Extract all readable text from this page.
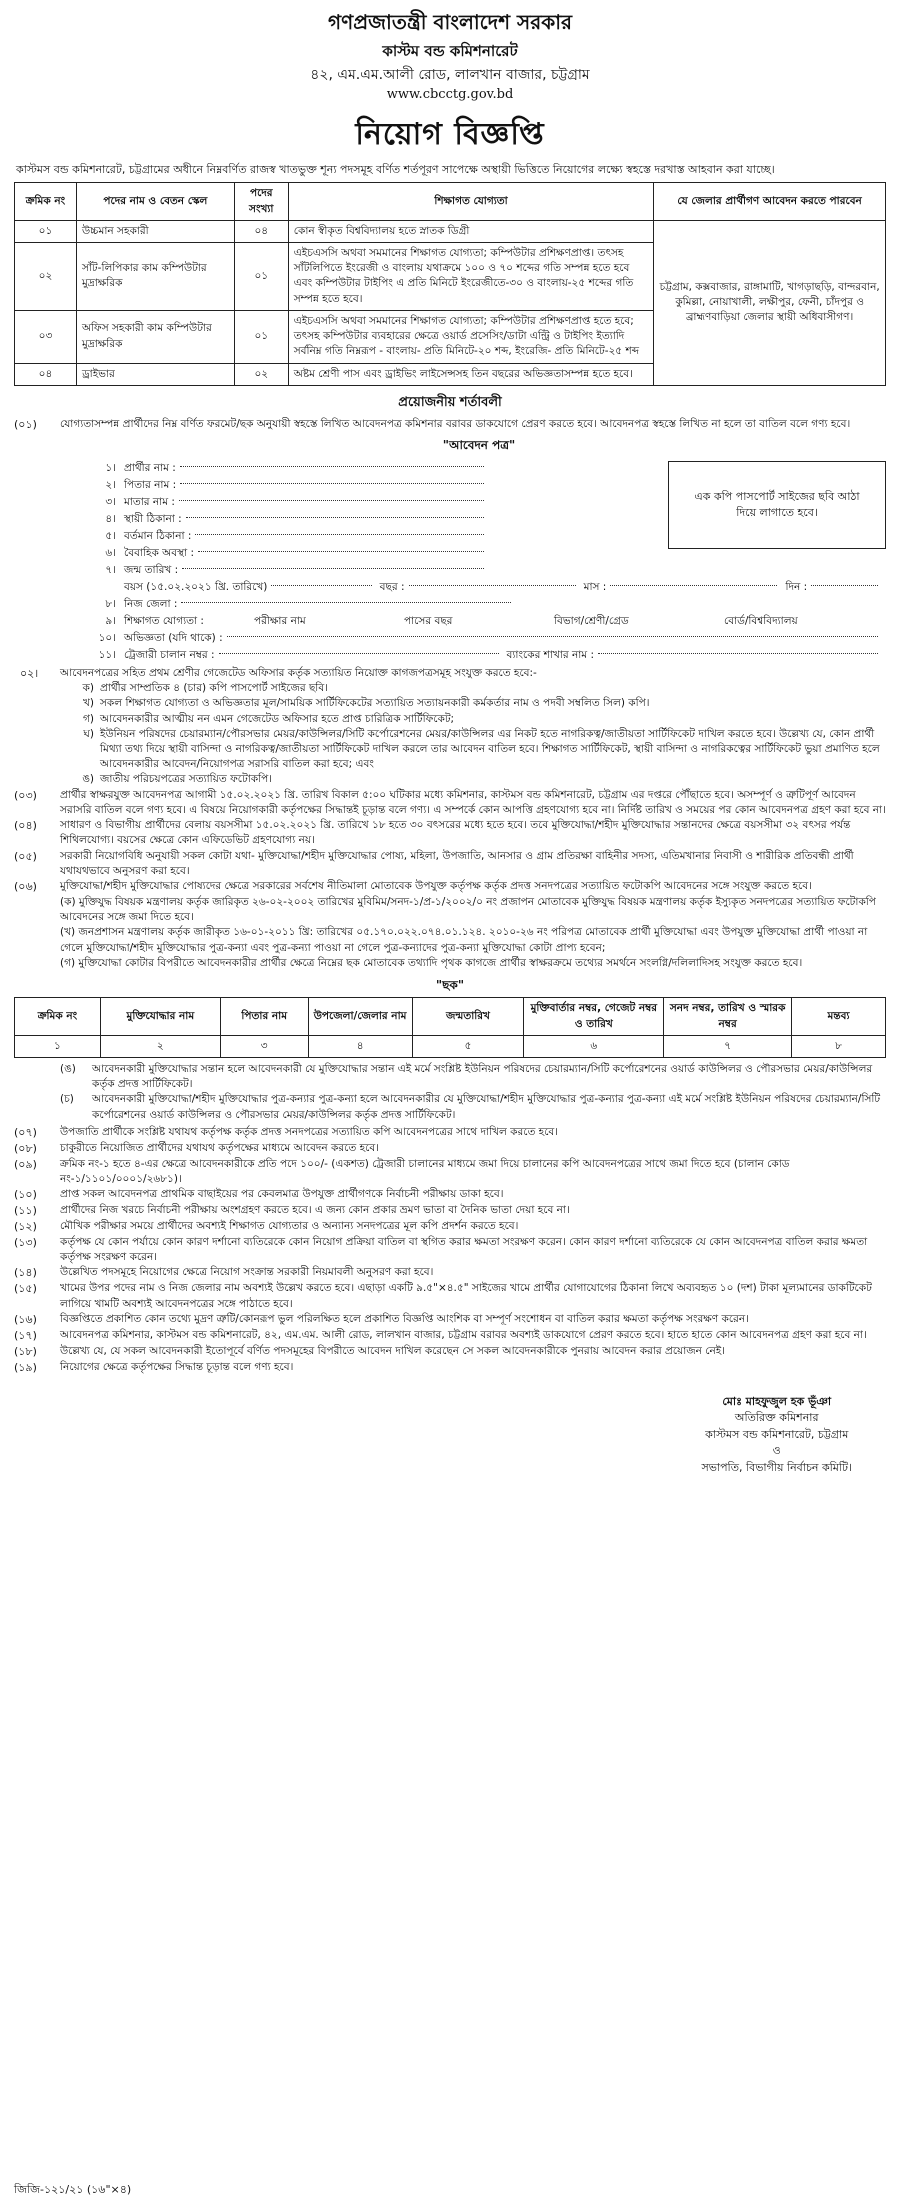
গণপ্রজাতন্ত্রী বাংলাদেশ সরকার
কাস্টম বন্ড কমিশনারেট
৪২, এম.এম.আলী রোড, লালখান বাজার, চট্টগ্রাম
www.cbcctg.gov.bd
নিয়োগ বিজ্ঞপ্তি
কাস্টমস বন্ড কমিশনারেট, চট্টগ্রামের অধীনে নিম্নবর্ণিত রাজস্ব খাতভুক্ত শূন্য পদসমূহ বর্ণিত শর্তপূরণ সাপেক্ষে অস্থায়ী ভিত্তিতে নিয়োগের লক্ষ্যে স্বহস্তে দরখাস্ত আহবান করা যাচ্ছে।
ক্রমিক নং	পদের নাম ও বেতন স্কেল	পদের সংখ্যা	শিক্ষাগত যোগ্যতা	যে জেলার প্রার্থীগণ আবেদন করতে পারবেন
০১	উচ্চমান সহকারী	০৪	কোন স্বীকৃত বিশ্ববিদ্যালয় হতে স্নাতক ডিগ্রী	চট্টগ্রাম, কক্সবাজার, রাঙ্গামাটি, খাগড়াছড়ি, বান্দরবান, কুমিল্লা, নোয়াখালী, লক্ষীপুর, ফেনী, চাঁদপুর ও ব্রাহ্মণবাড়িয়া জেলার স্থায়ী অধিবাসীগণ।
০২	সাঁট-লিপিকার কাম কম্পিউটার মুদ্রাক্ষরিক	০১	এইচএসসি অথবা সমমানের শিক্ষাগত যোগ্যতা; কম্পিউটার প্রশিক্ষণপ্রাপ্ত। তৎসহ সাঁটলিপিতে ইংরেজী ও বাংলায় যথাক্রমে ১০০ ও ৭০ শব্দের গতি সম্পন্ন হতে হবে এবং কম্পিউটার টাইপিং এ প্রতি মিনিটে ইংরেজীতে-৩০ ও বাংলায়-২৫ শব্দের গতি সম্পন্ন হতে হবে।	
০৩	অফিস সহকারী কাম কম্পিউটার মুদ্রাক্ষরিক	০১	এইচএসসি অথবা সমমানের শিক্ষাগত যোগ্যতা; কম্পিউটার প্রশিক্ষণপ্রাপ্ত হতে হবে; তৎসহ কম্পিউটার ব্যবহারের ক্ষেত্রে ওয়ার্ড প্রসেসিং/ডাটা এন্ট্রি ও টাইপিং ইত্যাদি সর্বনিম্ন গতি নিম্নরূপ - বাংলায়- প্রতি মিনিটে-২০ শব্দ, ইংরেজি- প্রতি মিনিটে-২৫ শব্দ	
০৪	ড্রাইভার	০২	অষ্টম শ্রেণী পাস এবং ড্রাইভিং লাইসেন্সসহ তিন বছরের অভিজ্ঞতাসম্পন্ন হতে হবে।	
প্রয়োজনীয় শর্তাবলী
(০১)	যোগ্যতাসম্পন্ন প্রার্থীদের নিম্ন বর্ণিত ফরমেট/ছক অনুযায়ী স্বহস্তে লিখিত আবেদনপত্র কমিশনার বরাবর ডাকযোগে প্রেরণ করতে হবে। আবেদনপত্র স্বহস্তে লিখিত না হলে তা বাতিল বলে গণ্য হবে।
"আবেদন পত্র"
এক কপি পাসপোর্ট সাইজের ছবি আঠা দিয়ে লাগাতে হবে।
১। প্রার্থীর নাম :
২। পিতার নাম :
৩। মাতার নাম :
৪। স্থায়ী ঠিকানা :
৫। বর্তমান ঠিকানা :
৬। বৈবাহিক অবস্থা :
৭। জন্ম তারিখ :
বয়স (১৫.০২.২০২১ খ্রি. তারিখে)	বছর :	মাস :	দিন :
৮। নিজ জেলা :
৯। শিক্ষাগত যোগ্যতা :	পরীক্ষার নাম	পাসের বছর	বিভাগ/শ্রেণী/গ্রেড	বোর্ড/বিশ্ববিদ্যালয়
১০। অভিজ্ঞতা (যদি থাকে) :
১১। ট্রেজারী চালান নম্বর :	ব্যাংকের শাখার নাম :
০২।	আবেদনপত্রের সহিত প্রথম শ্রেণীর গেজেটেড অফিসার কর্তৃক সত্যায়িত নিয়োক্ত কাগজপত্রসমূহ সংযুক্ত করতে হবে:-
ক) প্রার্থীর সাম্প্রতিক ৪ (চার) কপি পাসপোর্ট সাইজের ছবি।
খ) সকল শিক্ষাগত যোগ্যতা ও অভিজ্ঞতার মূল/সাময়িক সার্টিফিকেটের সত্যায়িত সত্যায়নকারী কর্মকর্তার নাম ও পদবী সম্বলিত সিল) কপি।
গ) আবেদনকারীর আত্মীয় নন এমন গেজেটেড অফিসার হতে প্রাপ্ত চারিত্রিক সার্টিফিকেট;
ঘ) ইউনিয়ন পরিষদের চেয়ারম্যান/পৌরসভার মেয়র/কাউন্সিলর/সিটি কর্পোরেশনের মেয়র/কাউন্সিলর এর নিকট হতে নাগরিকত্ব/জাতীয়তা সার্টিফিকেট দাখিল করতে হবে। উল্লেখ্য যে, কোন প্রার্থী মিথ্যা তথ্য দিয়ে স্থায়ী বাসিন্দা ও নাগরিকত্ব/জাতীয়তা সার্টিফিকেট দাখিল করলে তার আবেদন বাতিল হবে। শিক্ষাগত সার্টিফিকেট, স্থায়ী বাসিন্দা ও নাগরিকত্বের সার্টিফিকেট ভুয়া প্রমাণিত হলে আবেদনকারীর আবেদন/নিয়োগপত্র সরাসরি বাতিল করা হবে; এবং
ঙ) জাতীয় পরিচয়পত্রের সত্যায়িত ফটোকপি।
(০৩)	প্রার্থীর স্বাক্ষরযুক্ত আবেদনপত্র আগামী ১৫.০২.২০২১ খ্রি. তারিখ বিকাল ৫:০০ ঘটিকার মধ্যে কমিশনার, কাস্টমস বন্ড কমিশনারেট, চট্টগ্রাম এর দপ্তরে পৌঁছাতে হবে। অসম্পূর্ণ ও ত্রুটিপূর্ণ আবেদন সরাসরি বাতিল বলে গণ্য হবে। এ বিষয়ে নিয়োগকারী কর্তৃপক্ষের সিদ্ধান্তই চূড়ান্ত বলে গণ্য। এ সম্পর্কে কোন আপত্তি গ্রহণযোগ্য হবে না। নির্দিষ্ট তারিখ ও সময়ের পর কোন আবেদনপত্র গ্রহণ করা হবে না।
(০৪)	সাধারণ ও বিভাগীয় প্রার্থীদের বেলায় বয়সসীমা ১৫.০২.২০২১ খ্রি. তারিখে ১৮ হতে ৩০ বৎসরের মধ্যে হতে হবে। তবে মুক্তিযোদ্ধা/শহীদ মুক্তিযোদ্ধার সন্তানদের ক্ষেত্রে বয়সসীমা ৩২ বৎসর পর্যন্ত শিথিলযোগ্য। বয়সের ক্ষেত্রে কোন এফিডেভিট গ্রহণযোগ্য নয়।
(০৫)	সরকারী নিয়োগবিধি অনুযায়ী সকল কোটা যথা- মুক্তিযোদ্ধা/শহীদ মুক্তিযোদ্ধার পোষ্য, মহিলা, উপজাতি, আনসার ও গ্রাম প্রতিরক্ষা বাহিনীর সদস্য, এতিমখানার নিবাসী ও শারীরিক প্রতিবন্ধী প্রার্থী যথাযথভাবে অনুসরণ করা হবে।
(০৬)	মুক্তিযোদ্ধা/শহীদ মুক্তিযোদ্ধার পোষ্যদের ক্ষেত্রে সরকারের সর্বশেষ নীতিমালা মোতাবেক উপযুক্ত কর্তৃপক্ষ কর্তৃক প্রদত্ত সনদপত্রের সত্যায়িত ফটোকপি আবেদনের সঙ্গে সংযুক্ত করতে হবে।
(ক) মুক্তিযুদ্ধ বিষয়ক মন্ত্রণালয় কর্তৃক জারিকৃত ২৬-০২-২০০২ তারিখের মুবিমিম/সনদ-১/প্র-১/২০০২/০ নং প্রজাপন মোতাবেক মুক্তিযুদ্ধ বিষয়ক মন্ত্রণালয় কর্তৃক ইস্যুকৃত সনদপত্রের সত্যায়িত ফটোকপি আবেদনের সঙ্গে জমা দিতে হবে।
(খ) জনপ্রশাসন মন্ত্রণালয় কর্তৃক জারীকৃত ১৬-০১-২০১১ খ্রি: তারিখের ০৫.১৭০.০২২.০৭৪.০১.১২৪. ২০১০-২৬ নং পরিপত্র মোতাবেক প্রার্থী মুক্তিযোদ্ধা এবং উপযুক্ত মুক্তিযোদ্ধা প্রার্থী পাওয়া না গেলে মুক্তিযোদ্ধা/শহীদ মুক্তিযোদ্ধার পুত্র-কন্যা এবং পুত্র-কন্যা পাওয়া না গেলে পুত্র-কন্যাদের পুত্র-কন্যা মুক্তিযোদ্ধা কোটা প্রাপ্য হবেন;
(গ) মুক্তিযোদ্ধা কোটার বিপরীতে আবেদনকারীর প্রার্থীর ক্ষেত্রে নিম্নের ছক মোতাবেক তথ্যাদি পৃথক কাগজে প্রার্থীর স্বাক্ষরক্রমে তথ্যের সমর্থনে সংলগ্নি/দলিলাদিসহ সংযুক্ত করতে হবে।
"ছক"
ক্রমিক নং	মুক্তিযোদ্ধার নাম	পিতার নাম	উপজেলা/জেলার নাম	জন্মতারিখ	মুক্তিবার্তার নম্বর, গেজেট নম্বর ও তারিখ	সনদ নম্বর, তারিখ ও স্মারক নম্বর	মন্তব্য
১	২	৩	৪	৫	৬	৭	৮
(ঙ)	আবেদনকারী মুক্তিযোদ্ধার সন্তান হলে আবেদনকারী যে মুক্তিযোদ্ধার সন্তান এই মর্মে সংশ্লিষ্ট ইউনিয়ন পরিষদের চেয়ারম্যান/সিটি কর্পোরেশনের ওয়ার্ড কাউন্সিলর ও পৌরসভার মেয়র/কাউন্সিলর কর্তৃক প্রদত্ত সার্টিফিকেট।
(চ)	আবেদনকারী মুক্তিযোদ্ধা/শহীদ মুক্তিযোদ্ধার পুত্র-কন্যার পুত্র-কন্যা হলে আবেদনকারীর যে মুক্তিযোদ্ধা/শহীদ মুক্তিযোদ্ধার পুত্র-কন্যার পুত্র-কন্যা এই মর্মে সংশ্লিষ্ট ইউনিয়ন পরিষদের চেয়ারম্যান/সিটি কর্পোরেশনের ওয়ার্ড কাউন্সিলর ও পৌরসভার মেয়র/কাউন্সিলর কর্তৃক প্রদত্ত সার্টিফিকেট।
(০৭)	উপজাতি প্রার্থীকে সংশ্লিষ্ট যথাযথ কর্তৃপক্ষ কর্তৃক প্রদত্ত সনদপত্রের সত্যায়িত কপি আবেদনপত্রের সাথে দাখিল করতে হবে।
(০৮)	চাকুরীতে নিয়োজিত প্রার্থীদের যথাযথ কর্তৃপক্ষের মাধ্যমে আবেদন করতে হবে।
(০৯)	ক্রমিক নং-১ হতে ৪-এর ক্ষেত্রে আবেদনকারীকে প্রতি পদে ১০০/- (একশত) ট্রেজারী চালানের মাধ্যমে জমা দিয়ে চালানের কপি আবেদনপত্রের সাথে জমা দিতে হবে (চালান কোড নং-১/১১০১/০০০১/২৬৮১)।
(১০)	প্রাপ্ত সকল আবেদনপত্র প্রাথমিক বাছাইয়ের পর কেবলমাত্র উপযুক্ত প্রার্থীগণকে নির্বাচনী পরীক্ষায় ডাকা হবে।
(১১)	প্রার্থীদের নিজ খরচে নির্বাচনী পরীক্ষায় অংশগ্রহণ করতে হবে। এ জন্য কোন প্রকার ভ্রমণ ভাতা বা দৈনিক ভাতা দেয়া হবে না।
(১২)	মৌখিক পরীক্ষার সময়ে প্রার্থীদের অবশ্যই শিক্ষাগত যোগ্যতার ও অন্যান্য সনদপত্রের মূল কপি প্রদর্শন করতে হবে।
(১৩)	কর্তৃপক্ষ যে কোন পর্যায়ে কোন কারণ দর্শানো ব্যতিরেকে কোন নিয়োগ প্রক্রিয়া বাতিল বা স্থগিত করার ক্ষমতা সংরক্ষণ করেন। কোন কারণ দর্শানো ব্যতিরেকে যে কোন আবেদনপত্র বাতিল করার ক্ষমতা কর্তৃপক্ষ সংরক্ষণ করেন।
(১৪)	উল্লেখিত পদসমূহে নিয়োগের ক্ষেত্রে নিয়োগ সংক্রান্ত সরকারী নিয়মাবলী অনুসরণ করা হবে।
(১৫)	খামের উপর পদের নাম ও নিজ জেলার নাম অবশ্যই উল্লেখ করতে হবে। এছাড়া একটি ৯.৫"×৪.৫" সাইজের খামে প্রার্থীর যোগাযোগের ঠিকানা লিখে অব্যবহৃত ১০ (দশ) টাকা মূল্যমানের ডাকটিকেট লাগিয়ে খামটি অবশ্যই আবেদনপত্রের সঙ্গে পাঠাতে হবে।
(১৬)	বিজ্ঞপ্তিতে প্রকাশিত কোন তথ্যে মুদ্রণ ত্রুটি/কোনরূপ ভুল পরিলক্ষিত হলে প্রকাশিত বিজ্ঞপ্তি আংশিক বা সম্পূর্ণ সংশোধন বা বাতিল করার ক্ষমতা কর্তৃপক্ষ সংরক্ষণ করেন।
(১৭)	আবেদনপত্র কমিশনার, কাস্টমস বন্ড কমিশনারেট, ৪২, এম.এম. আলী রোড, লালখান বাজার, চট্টগ্রাম বরাবর অবশ্যই ডাকযোগে প্রেরণ করতে হবে। হাতে হাতে কোন আবেদনপত্র গ্রহণ করা হবে না।
(১৮)	উল্লেখ্য যে, যে সকল আবেদনকারী ইতোপূর্বে বর্ণিত পদসমূহের বিপরীতে আবেদন দাখিল করেছেন সে সকল আবেদনকারীকে পুনরায় আবেদন করার প্রয়োজন নেই।
(১৯)	নিয়োগের ক্ষেত্রে কর্তৃপক্ষের সিদ্ধান্ত চূড়ান্ত বলে গণ্য হবে।
মোঃ মাহফুজুল হক ভূঁঞা
অতিরিক্ত কমিশনার
কাস্টমস বন্ড কমিশনারেট, চট্টগ্রাম
ও
সভাপতি, বিভাগীয় নির্বাচন কমিটি।
জিজি-১২১/২১ (১৬"×৪)
